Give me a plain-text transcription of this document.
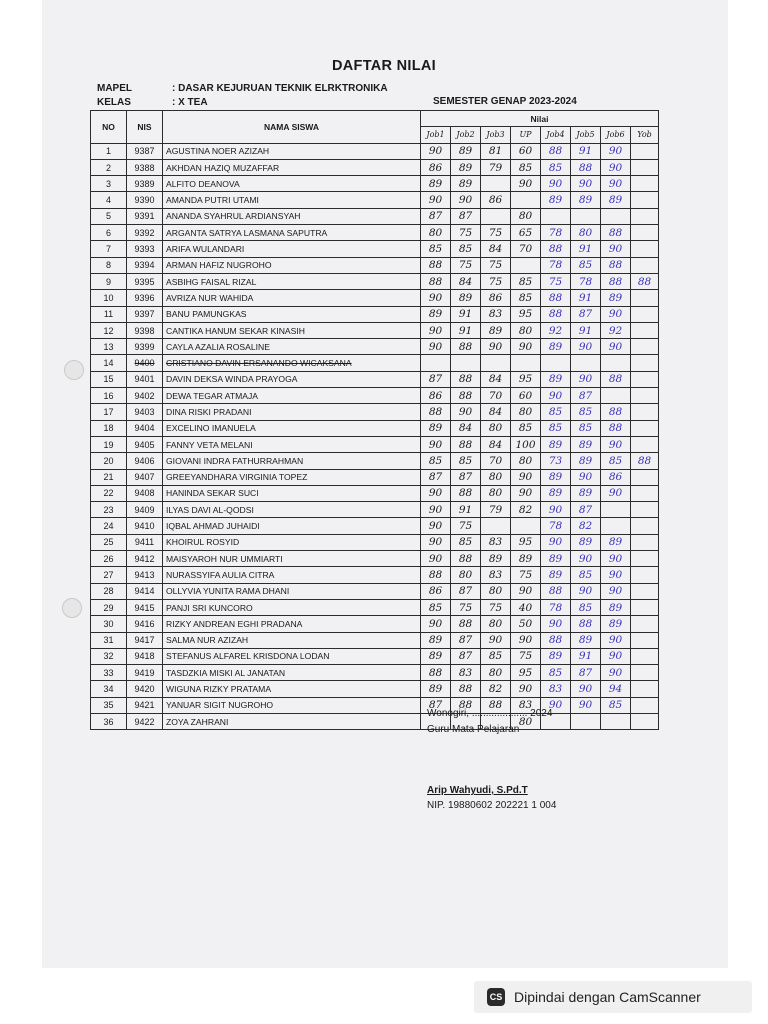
DAFTAR NILAI
MAPEL	: DASAR KEJURUAN TEKNIK ELRKTRONIKA
KELAS	: X TEA	SEMESTER GENAP 2023-2024
NO	NIS	NAMA SISWA	Nilai							
			Job1	Job2	Job3	UP	Job4	Job5	Job6	Yob
1	9387	AGUSTINA NOER AZIZAH	90	89	81	60	88	91	90	
2	9388	AKHDAN HAZIQ MUZAFFAR	86	89	79	85	85	88	90	
3	9389	ALFITO DEANOVA	89	89		90	90	90	90	
4	9390	AMANDA PUTRI UTAMI	90	90	86		89	89	89	
5	9391	ANANDA SYAHRUL ARDIANSYAH	87	87		80				
6	9392	ARGANTA SATRYA LASMANA SAPUTRA	80	75	75	65	78	80	88	
7	9393	ARIFA WULANDARI	85	85	84	70	88	91	90	
8	9394	ARMAN HAFIZ NUGROHO	88	75	75		78	85	88	
9	9395	ASBIHG FAISAL RIZAL	88	84	75	85	75	78	88	88
10	9396	AVRIZA NUR WAHIDA	90	89	86	85	88	91	89	
11	9397	BANU PAMUNGKAS	89	91	83	95	88	87	90	
12	9398	CANTIKA HANUM SEKAR KINASIH	90	91	89	80	92	91	92	
13	9399	CAYLA AZALIA ROSALINE	90	88	90	90	89	90	90	
14	9400	CRISTIANO DAVIN ERSANANDO WICAKSANA								
15	9401	DAVIN DEKSA WINDA PRAYOGA	87	88	84	95	89	90	88	
16	9402	DEWA TEGAR ATMAJA	86	88	70	60	90	87		
17	9403	DINA RISKI PRADANI	88	90	84	80	85	85	88	
18	9404	EXCELINO IMANUELA	89	84	80	85	85	85	88	
19	9405	FANNY VETA MELANI	90	88	84	100	89	89	90	
20	9406	GIOVANI INDRA FATHURRAHMAN	85	85	70	80	73	89	85	88
21	9407	GREEYANDHARA VIRGINIA TOPEZ	87	87	80	90	89	90	86	
22	9408	HANINDA SEKAR SUCI	90	88	80	90	89	89	90	
23	9409	ILYAS DAVI AL-QODSI	90	91	79	82	90	87		
24	9410	IQBAL AHMAD JUHAIDI	90	75			78	82		
25	9411	KHOIRUL ROSYID	90	85	83	95	90	89	89	
26	9412	MAISYAROH NUR UMMIARTI	90	88	89	89	89	90	90	
27	9413	NURASSYIFA AULIA CITRA	88	80	83	75	89	85	90	
28	9414	OLLYVIA YUNITA RAMA DHANI	86	87	80	90	88	90	90	
29	9415	PANJI SRI KUNCORO	85	75	75	40	78	85	89	
30	9416	RIZKY ANDREAN EGHI PRADANA	90	88	80	50	90	88	89	
31	9417	SALMA NUR AZIZAH	89	87	90	90	88	89	90	
32	9418	STEFANUS ALFAREL KRISDONA LODAN	89	87	85	75	89	91	90	
33	9419	TASDZKIA MISKI AL JANATAN	88	83	80	95	85	87	90	
34	9420	WIGUNA RIZKY PRATAMA	89	88	82	90	83	90	94	
35	9421	YANUAR SIGIT NUGROHO	87	88	88	83	90	90	85	
36	9422	ZOYA ZAHRANI				80				
Wonogiri, .................... 2024
Guru Mata Pelajaran
Arip Wahyudi, S.Pd.T
NIP. 19880602 202221 1 004
CS Dipindai dengan CamScanner
